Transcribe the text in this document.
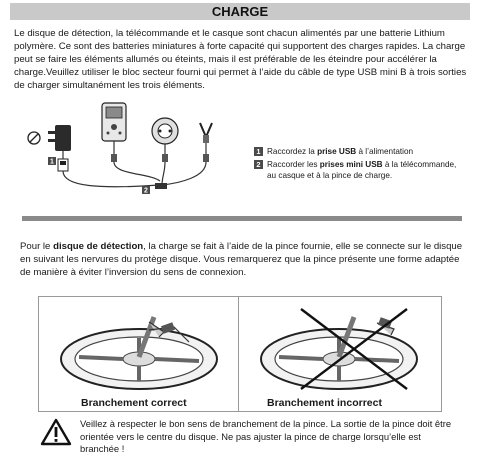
CHARGE
Le disque de détection, la télécommande et le casque sont chacun alimentés par une batterie Lithium polymère. Ce sont des batteries miniatures à forte capacité qui supportent des charges rapides. La charge peut se faire les éléments allumés ou éteints, mais il est préférable de les éteindre pour accélérer la charge.Veuillez utiliser le bloc secteur fourni qui permet à l’aide du câble de type USB mini B à trois sorties de charger simultanément les trois éléments.
1
2
1 Raccordez la prise USB à l’alimentation
2 Raccorder les prises mini USB à la télécommande, au casque et à la pince de charge.
Pour le disque de détection, la charge se fait à l’aide de la pince fournie, elle se connecte sur le disque en suivant les nervures du protège disque. Vous remarquerez que la pince présente une forme adaptée de manière à éviter l’inversion du sens de connexion.
Branchement correct	Branchement incorrect
Veillez à respecter le bon sens de branchement de la pince. La sortie de la pince doit être orientée vers le centre du disque. Ne pas ajuster la pince de charge lorsqu’elle est branchée !
